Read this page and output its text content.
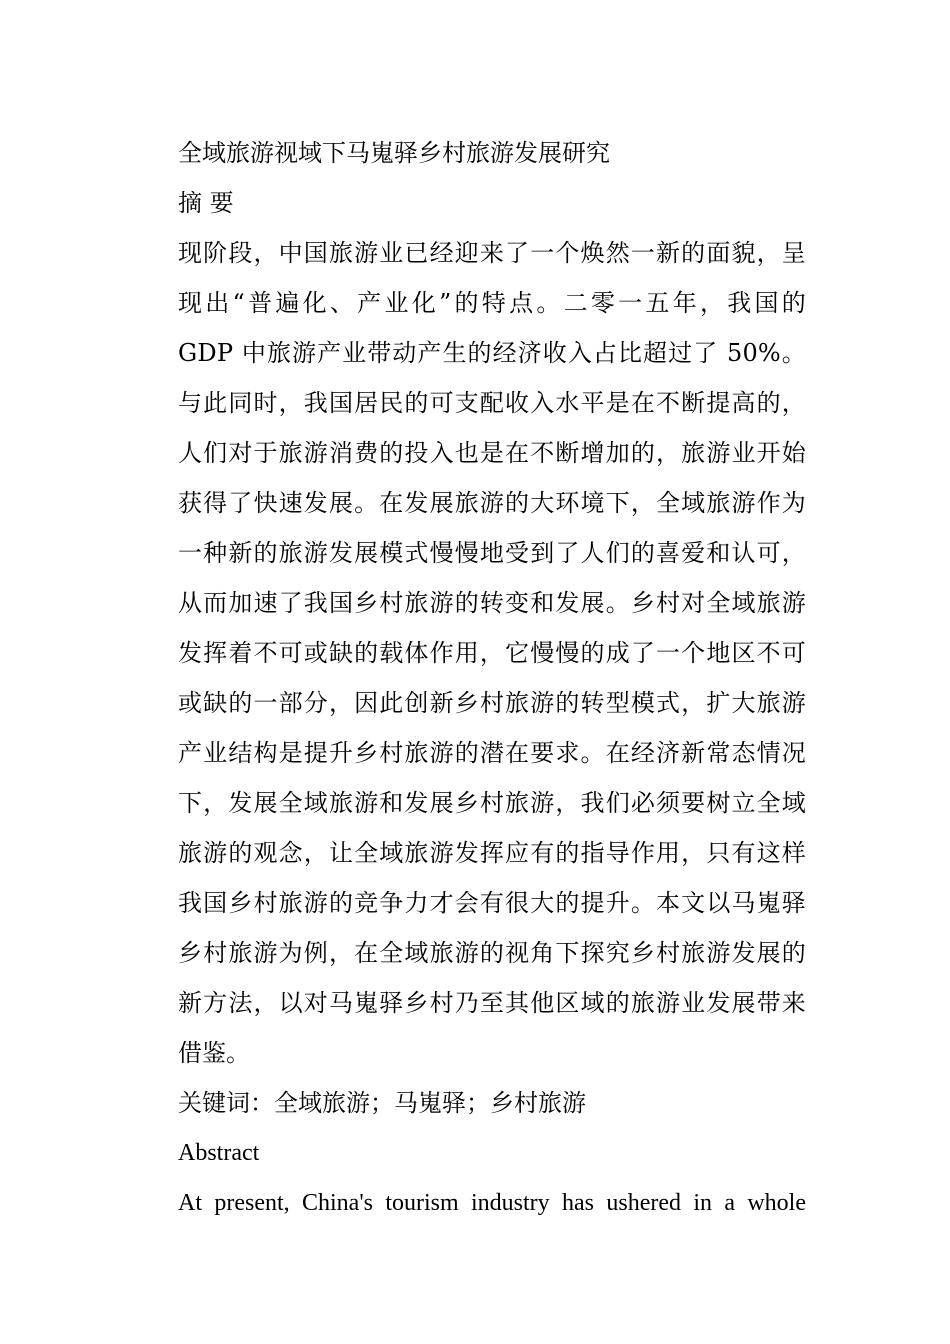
全域旅游视域下马嵬驿乡村旅游发展研究
摘 要
现阶段，中国旅游业已经迎来了一个焕然一新的面貌，呈
现出“普遍化、产业化”的特点。二零一五年，我国的
GDP 中旅游产业带动产生的经济收入占比超过了 50%。
与此同时，我国居民的可支配收入水平是在不断提高的，
人们对于旅游消费的投入也是在不断增加的，旅游业开始
获得了快速发展。在发展旅游的大环境下，全域旅游作为
一种新的旅游发展模式慢慢地受到了人们的喜爱和认可，
从而加速了我国乡村旅游的转变和发展。乡村对全域旅游
发挥着不可或缺的载体作用，它慢慢的成了一个地区不可
或缺的一部分，因此创新乡村旅游的转型模式，扩大旅游
产业结构是提升乡村旅游的潜在要求。在经济新常态情况
下，发展全域旅游和发展乡村旅游，我们必须要树立全域
旅游的观念，让全域旅游发挥应有的指导作用，只有这样
我国乡村旅游的竞争力才会有很大的提升。本文以马嵬驿
乡村旅游为例，在全域旅游的视角下探究乡村旅游发展的
新方法，以对马嵬驿乡村乃至其他区域的旅游业发展带来
借鉴。
关键词：全域旅游；马嵬驿；乡村旅游
Abstract
At present, China's tourism industry has ushered in a whole
